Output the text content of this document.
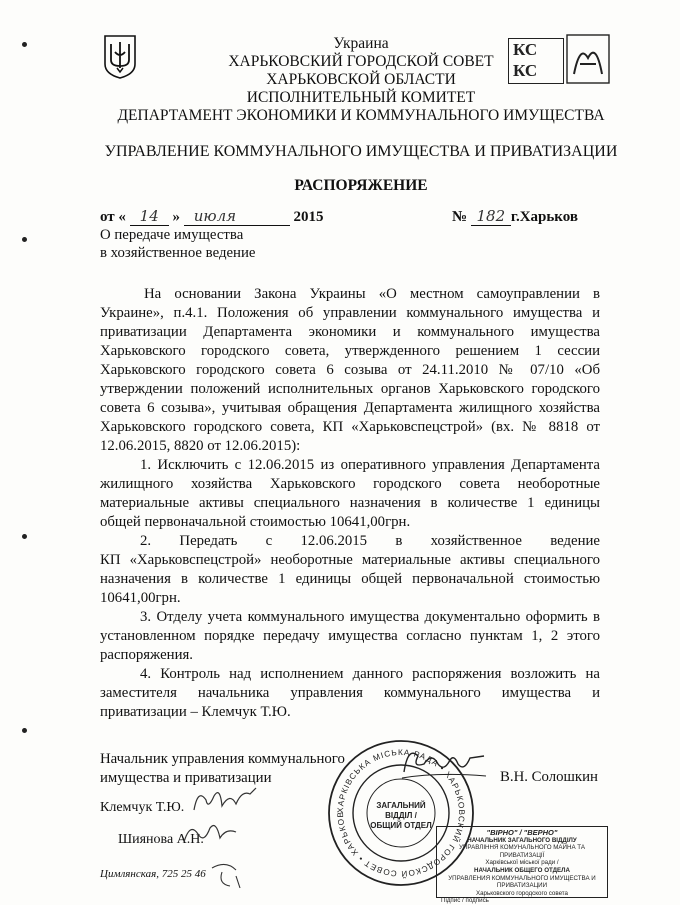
Украина
ХАРЬКОВСКИЙ ГОРОДСКОЙ СОВЕТ
ХАРЬКОВСКОЙ ОБЛАСТИ
ИСПОЛНИТЕЛЬНЫЙ КОМИТЕТ
ДЕПАРТАМЕНТ ЭКОНОМИКИ И КОММУНАЛЬНОГО ИМУЩЕСТВА
УПРАВЛЕНИЕ КОММУНАЛЬНОГО ИМУЩЕСТВА И ПРИВАТИЗАЦИИ
РАСПОРЯЖЕНИЕ
КС
КС
от « 14 » июля	2015	№ 182 г.Харьков
О передаче имущества
в хозяйственное ведение
На основании Закона Украины «О местном самоуправлении в
Украине», п.4.1. Положения об управлении коммунального имущества и
приватизации Департамента экономики и коммунального имущества
Харьковского городского совета, утвержденного решением 1 сессии
Харьковского городского совета 6 созыва от 24.11.2010 № 07/10 «Об
утверждении положений исполнительных органов Харьковского городского
совета 6 созыва», учитывая обращения Департамента жилищного хозяйства
Харьковского городского совета, КП «Харьковспецстрой» (вх. № 8818 от
12.06.2015, 8820 от 12.06.2015):
1. Исключить с 12.06.2015 из оперативного управления Департамента
жилищного хозяйства Харьковского городского совета необоротные
материальные активы специального назначения в количестве 1 единицы
общей первоначальной стоимостью 10641,00грн.
2. Передать с 12.06.2015 в хозяйственное ведение
КП «Харьковспецстрой» необоротные материальные активы специального
назначения в количестве 1 единицы общей первоначальной стоимостью
10641,00грн.
3. Отделу учета коммунального имущества документально оформить в
установленном порядке передачу имущества согласно пунктам 1, 2 этого
распоряжения.
4. Контроль над исполнением данного распоряжения возложить на
заместителя начальника управления коммунального имущества и
приватизации – Клемчук Т.Ю.
Начальник управления коммунального
имущества и приватизации	В.Н. Солошкин
Клемчук Т.Ю.
Шиянова А.Н.
Цимлянская, 725 25 46
ХАРКІВСЬКА МІСЬКА РАДА • ХАРЬКОВСКИЙ ГОРОДСКОЙ СОВЕТ • ХАРЬКОВ
ЗАГАЛЬНИЙ
ВІДДІЛ /
ОБЩИЙ ОТДЕЛ
"ВІРНО" / "ВЕРНО"
НАЧАЛЬНИК ЗАГАЛЬНОГО ВІДДІЛУ
УПРАВЛІННЯ КОМУНАЛЬНОГО МАЙНА ТА ПРИВАТИЗАЦІЇ
Харківської міської ради /
НАЧАЛЬНИК ОБЩЕГО ОТДЕЛА
УПРАВЛЕНИЯ КОММУНАЛЬНОГО ИМУЩЕСТВА И ПРИВАТИЗАЦИИ
Харьковского городского совета
Підпис / подпись
